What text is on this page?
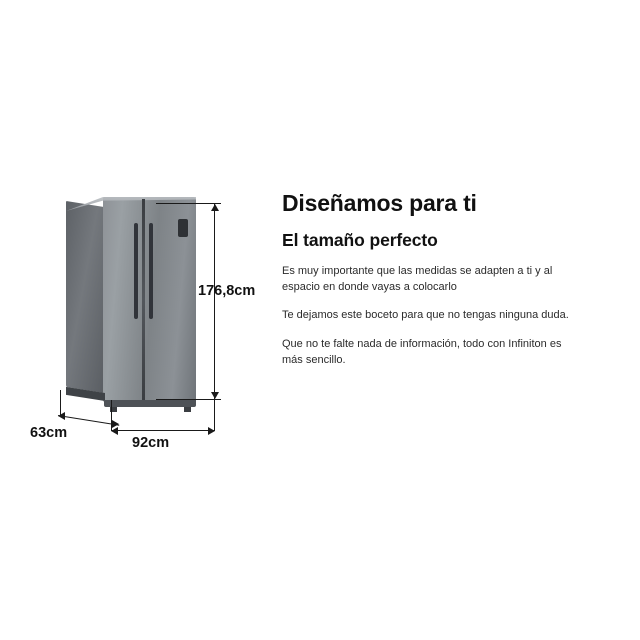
176,8cm
92cm
63cm
Diseñamos para ti
El tamaño perfecto

Es muy importante que las medidas se adapten a ti y al espacio en donde vayas a colocarlo

Te dejamos este boceto para que no tengas ninguna duda.

Que no te falte nada de información, todo con Infiniton es más sencillo.
